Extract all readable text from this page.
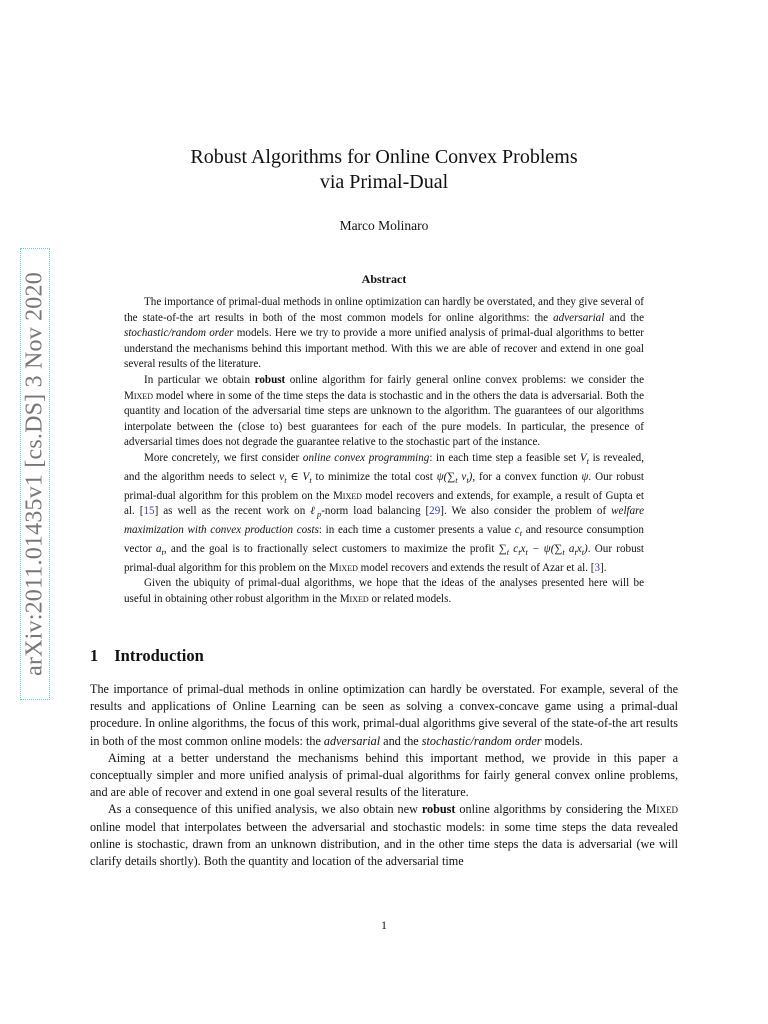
arXiv:2011.01435v1 [cs.DS] 3 Nov 2020
Robust Algorithms for Online Convex Problems
via Primal-Dual
Marco Molinaro
Abstract

The importance of primal-dual methods in online optimization can hardly be overstated, and they give several of the state-of-the art results in both of the most common models for online algorithms: the adversarial and the stochastic/random order models. Here we try to provide a more unified analysis of primal-dual algorithms to better understand the mechanisms behind this important method. With this we are able of recover and extend in one goal several results of the literature.

In particular we obtain robust online algorithm for fairly general online convex problems: we consider the Mixed model where in some of the time steps the data is stochastic and in the others the data is adversarial. Both the quantity and location of the adversarial time steps are unknown to the algorithm. The guarantees of our algorithms interpolate between the (close to) best guarantees for each of the pure models. In particular, the presence of adversarial times does not degrade the guarantee relative to the stochastic part of the instance.

More concretely, we first consider online convex programming: in each time step a feasible set $V_t$ is revealed, and the algorithm needs to select $v_t$ ∈ $V_t$ to minimize the total cost $\psi(\sum_t$ $v_t$), for a convex function ψ. Our robust primal-dual algorithm for this problem on the Mixed model recovers and extends, for example, a result of Gupta et al. [15] as well as the recent work on ℓ$_p$-norm load balancing [29]. We also consider the problem of welfare maximization with convex production costs: in each time a customer presents a value $c_t$ and resource consumption vector $a_t$, and the goal is to fractionally select customers to maximize the profit $\sum_t$ $c_tx_t - \psi(\sum_t$ $a_tx_t$). Our robust primal-dual algorithm for this problem on the Mixed model recovers and extends the result of Azar et al. [3].

Given the ubiquity of primal-dual algorithms, we hope that the ideas of the analyses presented here will be useful in obtaining other robust algorithm in the Mixed or related models.

1 Introduction

The importance of primal-dual methods in online optimization can hardly be overstated. For example, several of the results and applications of Online Learning can be seen as solving a convex-concave game using a primal-dual procedure. In online algorithms, the focus of this work, primal-dual algorithms give several of the state-of-the art results in both of the most common online models: the adversarial and the stochastic/random order models.

Aiming at a better understand the mechanisms behind this important method, we provide in this paper a conceptually simpler and more unified analysis of primal-dual algorithms for fairly general convex online problems, and are able of recover and extend in one goal several results of the literature.

As a consequence of this unified analysis, we also obtain new robust online algorithms by considering the Mixed online model that interpolates between the adversarial and stochastic models: in some time steps the data revealed online is stochastic, drawn from an unknown distribution, and in the other time steps the data is adversarial (we will clarify details shortly). Both the quantity and location of the adversarial time

1
